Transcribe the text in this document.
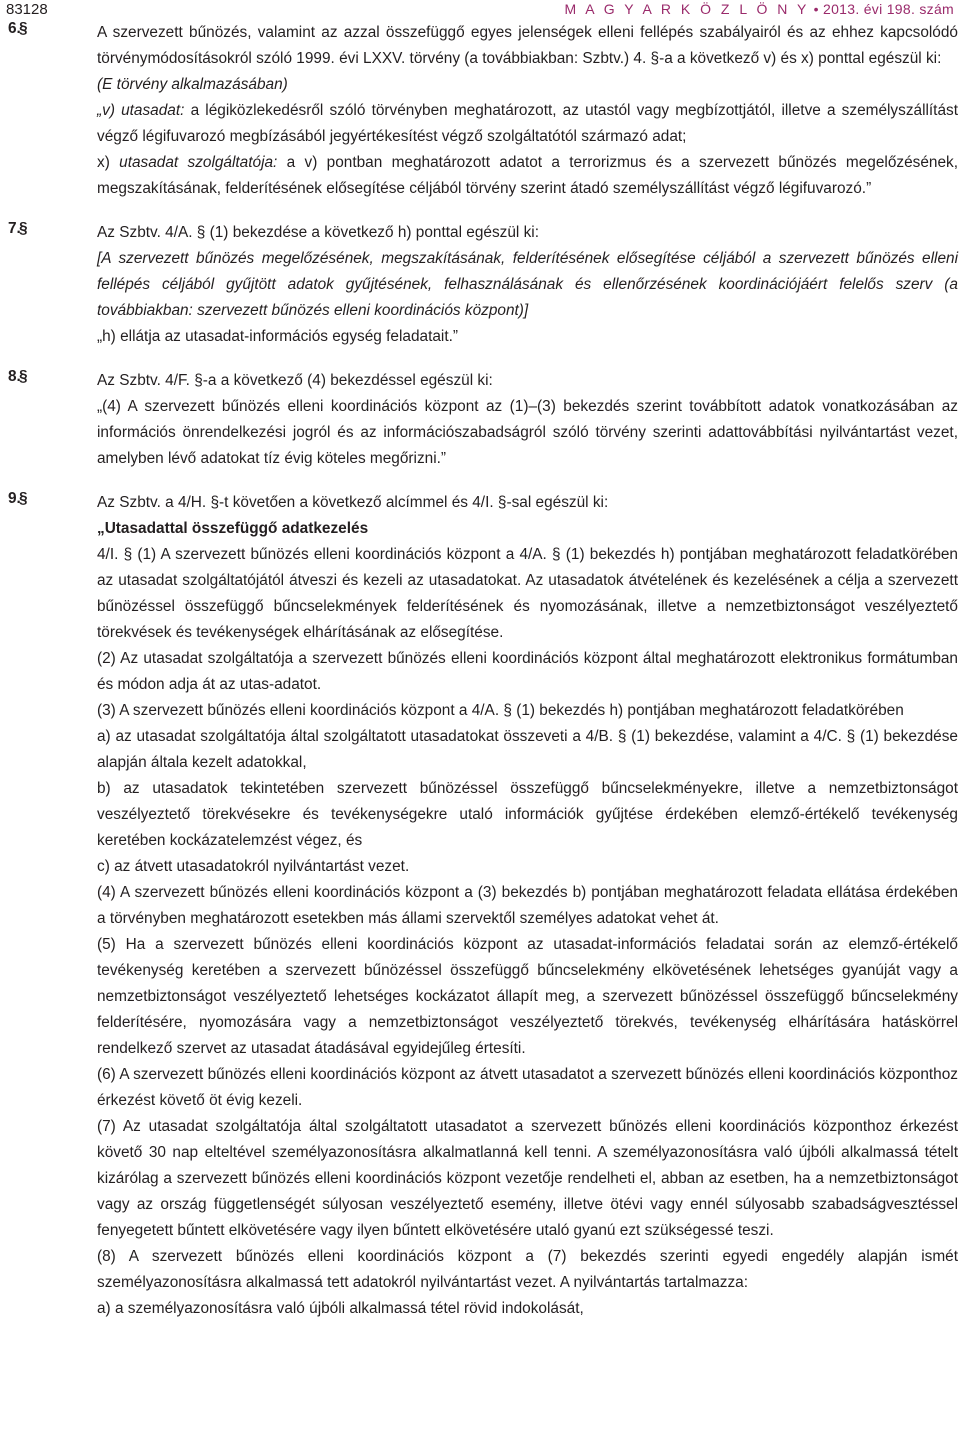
83128	M A G Y A R K Ö Z L Ö N Y • 2013. évi 198. szám
6.
§	A szervezett bűnözés, valamint az azzal összefüggő egyes jelenségek elleni fellépés szabályairól és az ehhez kapcsolódó törvénymódosításokról szóló 1999. évi LXXV. törvény (a továbbiakban: Szbtv.) 4. §-a a következő v) és x) ponttal egészül ki:

(E törvény alkalmazásában)

„v) utasadat: a légiközlekedésről szóló törvényben meghatározott, az utastól vagy megbízottjától, illetve a személyszállítást végző légifuvarozó megbízásából jegyértékesítést végző szolgáltatótól származó adat;

x) utasadat szolgáltatója: a v) pontban meghatározott adatot a terrorizmus és a szervezett bűnözés megelőzésének, megszakításának, felderítésének elősegítése céljából törvény szerint átadó személyszállítást végző légifuvarozó.”

7.
§	Az Szbtv. 4/A. § (1) bekezdése a következő h) ponttal egészül ki:

[A szervezett bűnözés megelőzésének, megszakításának, felderítésének elősegítése céljából a szervezett bűnözés elleni fellépés céljából gyűjtött adatok gyűjtésének, felhasználásának és ellenőrzésének koordinációjáért felelős szerv (a továbbiakban: szervezett bűnözés elleni koordinációs központ)]

„h) ellátja az utasadat-információs egység feladatait.”

8.
§	Az Szbtv. 4/F. §-a a következő (4) bekezdéssel egészül ki:

„(4) A szervezett bűnözés elleni koordinációs központ az (1)–(3) bekezdés szerint továbbított adatok vonatkozásában az információs önrendelkezési jogról és az információszabadságról szóló törvény szerinti adattovábbítási nyilvántartást vezet, amelyben lévő adatokat tíz évig köteles megőrizni.”

9.
§	Az Szbtv. a 4/H. §-t követően a következő alcímmel és 4/I. §-sal egészül ki:

„Utasadattal összefüggő adatkezelés

4/I. § (1) A szervezett bűnözés elleni koordinációs központ a 4/A. § (1) bekezdés h) pontjában meghatározott feladatkörében az utasadat szolgáltatójától átveszi és kezeli az utasadatokat. Az utasadatok átvételének és kezelésének a célja a szervezett bűnözéssel összefüggő bűncselekmények felderítésének és nyomozásának, illetve a nemzetbiztonságot veszélyeztető törekvések és tevékenységek elhárításának az elősegítése.

(2) Az utasadat szolgáltatója a szervezett bűnözés elleni koordinációs központ által meghatározott elektronikus formátumban és módon adja át az utas-adatot.

(3) A szervezett bűnözés elleni koordinációs központ a 4/A. § (1) bekezdés h) pontjában meghatározott feladatkörében

a) az utasadat szolgáltatója által szolgáltatott utasadatokat összeveti a 4/B. § (1) bekezdése, valamint a 4/C. § (1) bekezdése alapján általa kezelt adatokkal,

b) az utasadatok tekintetében szervezett bűnözéssel összefüggő bűncselekményekre, illetve a nemzetbiztonságot veszélyeztető törekvésekre és tevékenységekre utaló információk gyűjtése érdekében elemző-értékelő tevékenység keretében kockázatelemzést végez, és

c) az átvett utasadatokról nyilvántartást vezet.

(4) A szervezett bűnözés elleni koordinációs központ a (3) bekezdés b) pontjában meghatározott feladata ellátása érdekében a törvényben meghatározott esetekben más állami szervektől személyes adatokat vehet át.

(5) Ha a szervezett bűnözés elleni koordinációs központ az utasadat-információs feladatai során az elemző-értékelő tevékenység keretében a szervezett bűnözéssel összefüggő bűncselekmény elkövetésének lehetséges gyanúját vagy a nemzetbiztonságot veszélyeztető lehetséges kockázatot állapít meg, a szervezett bűnözéssel összefüggő bűncselekmény felderítésére, nyomozására vagy a nemzetbiztonságot veszélyeztető törekvés, tevékenység elhárítására hatáskörrel rendelkező szervet az utasadat átadásával egyidejűleg értesíti.

(6) A szervezett bűnözés elleni koordinációs központ az átvett utasadatot a szervezett bűnözés elleni koordinációs központhoz érkezést követő öt évig kezeli.

(7) Az utasadat szolgáltatója által szolgáltatott utasadatot a szervezett bűnözés elleni koordinációs központhoz érkezést követő 30 nap elteltével személyazonosításra alkalmatlanná kell tenni. A személyazonosításra való újbóli alkalmassá tételt kizárólag a szervezett bűnözés elleni koordinációs központ vezetője rendelheti el, abban az esetben, ha a nemzetbiztonságot vagy az ország függetlenségét súlyosan veszélyeztető esemény, illetve ötévi vagy ennél súlyosabb szabadságvesztéssel fenyegetett bűntett elkövetésére vagy ilyen bűntett elkövetésére utaló gyanú ezt szükségessé teszi.

(8) A szervezett bűnözés elleni koordinációs központ a (7) bekezdés szerinti egyedi engedély alapján ismét személyazonosításra alkalmassá tett adatokról nyilvántartást vezet. A nyilvántartás tartalmazza:

a) a személyazonosításra való újbóli alkalmassá tétel rövid indokolását,
